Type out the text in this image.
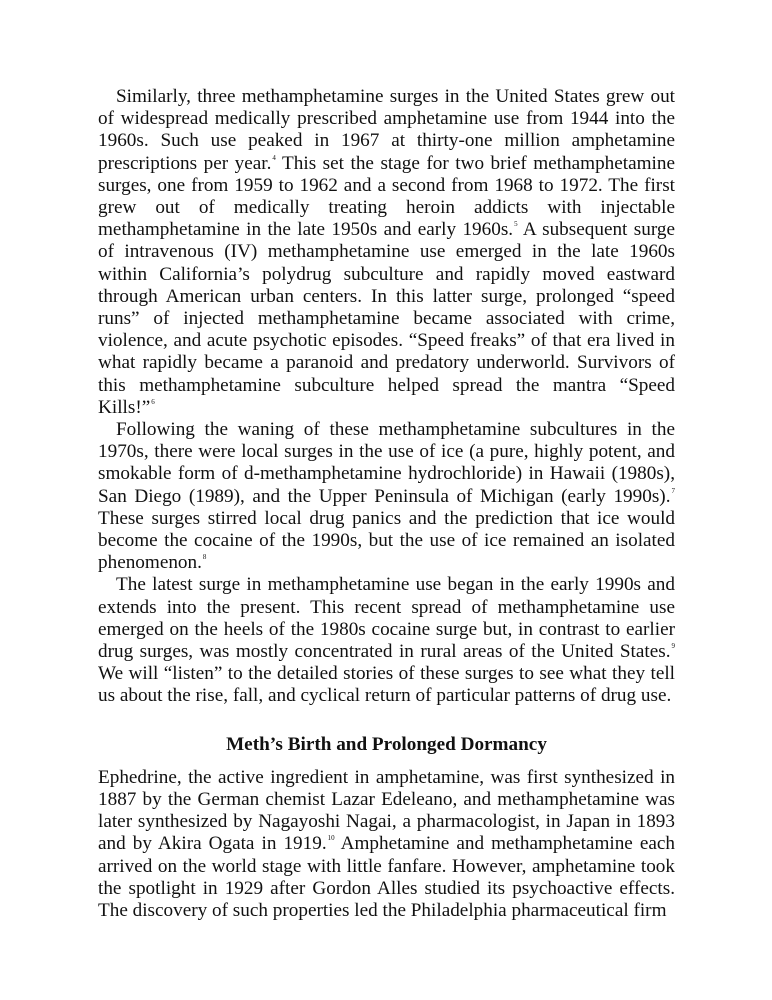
Similarly, three methamphetamine surges in the United States grew out of widespread medically prescribed amphetamine use from 1944 into the 1960s. Such use peaked in 1967 at thirty-one million amphetamine prescriptions per year.$^4$ This set the stage for two brief methamphetamine surges, one from 1959 to 1962 and a second from 1968 to 1972. The first grew out of medically treating heroin addicts with injectable methamphetamine in the late 1950s and early 1960s.$^5$ A subsequent surge of intravenous (IV) methamphetamine use emerged in the late 1960s within California’s polydrug subculture and rapidly moved eastward through American urban centers. In this latter surge, prolonged “speed runs” of injected methamphetamine became associated with crime, violence, and acute psychotic episodes. “Speed freaks” of that era lived in what rapidly became a paranoid and predatory underworld. Survivors of this methamphetamine subculture helped spread the mantra “Speed Kills!”$^6$

Following the waning of these methamphetamine subcultures in the 1970s, there were local surges in the use of ice (a pure, highly potent, and smokable form of d-methamphetamine hydrochloride) in Hawaii (1980s), San Diego (1989), and the Upper Peninsula of Michigan (early 1990s).$^7$ These surges stirred local drug panics and the prediction that ice would become the cocaine of the 1990s, but the use of ice remained an isolated phenomenon.$^8$

The latest surge in methamphetamine use began in the early 1990s and extends into the present. This recent spread of methamphetamine use emerged on the heels of the 1980s cocaine surge but, in contrast to earlier drug surges, was mostly concentrated in rural areas of the United States.$^9$ We will “listen” to the detailed stories of these surges to see what they tell us about the rise, fall, and cyclical return of particular patterns of drug use.

Meth’s Birth and Prolonged Dormancy

Ephedrine, the active ingredient in amphetamine, was first synthesized in 1887 by the German chemist Lazar Edeleano, and methamphetamine was later synthesized by Nagayoshi Nagai, a pharmacologist, in Japan in 1893 and by Akira Ogata in 1919.10 Amphetamine and methamphetamine each arrived on the world stage with little fanfare. However, amphetamine took the spotlight in 1929 after Gordon Alles studied its psychoactive effects. The discovery of such properties led the Philadelphia pharmaceutical firm
